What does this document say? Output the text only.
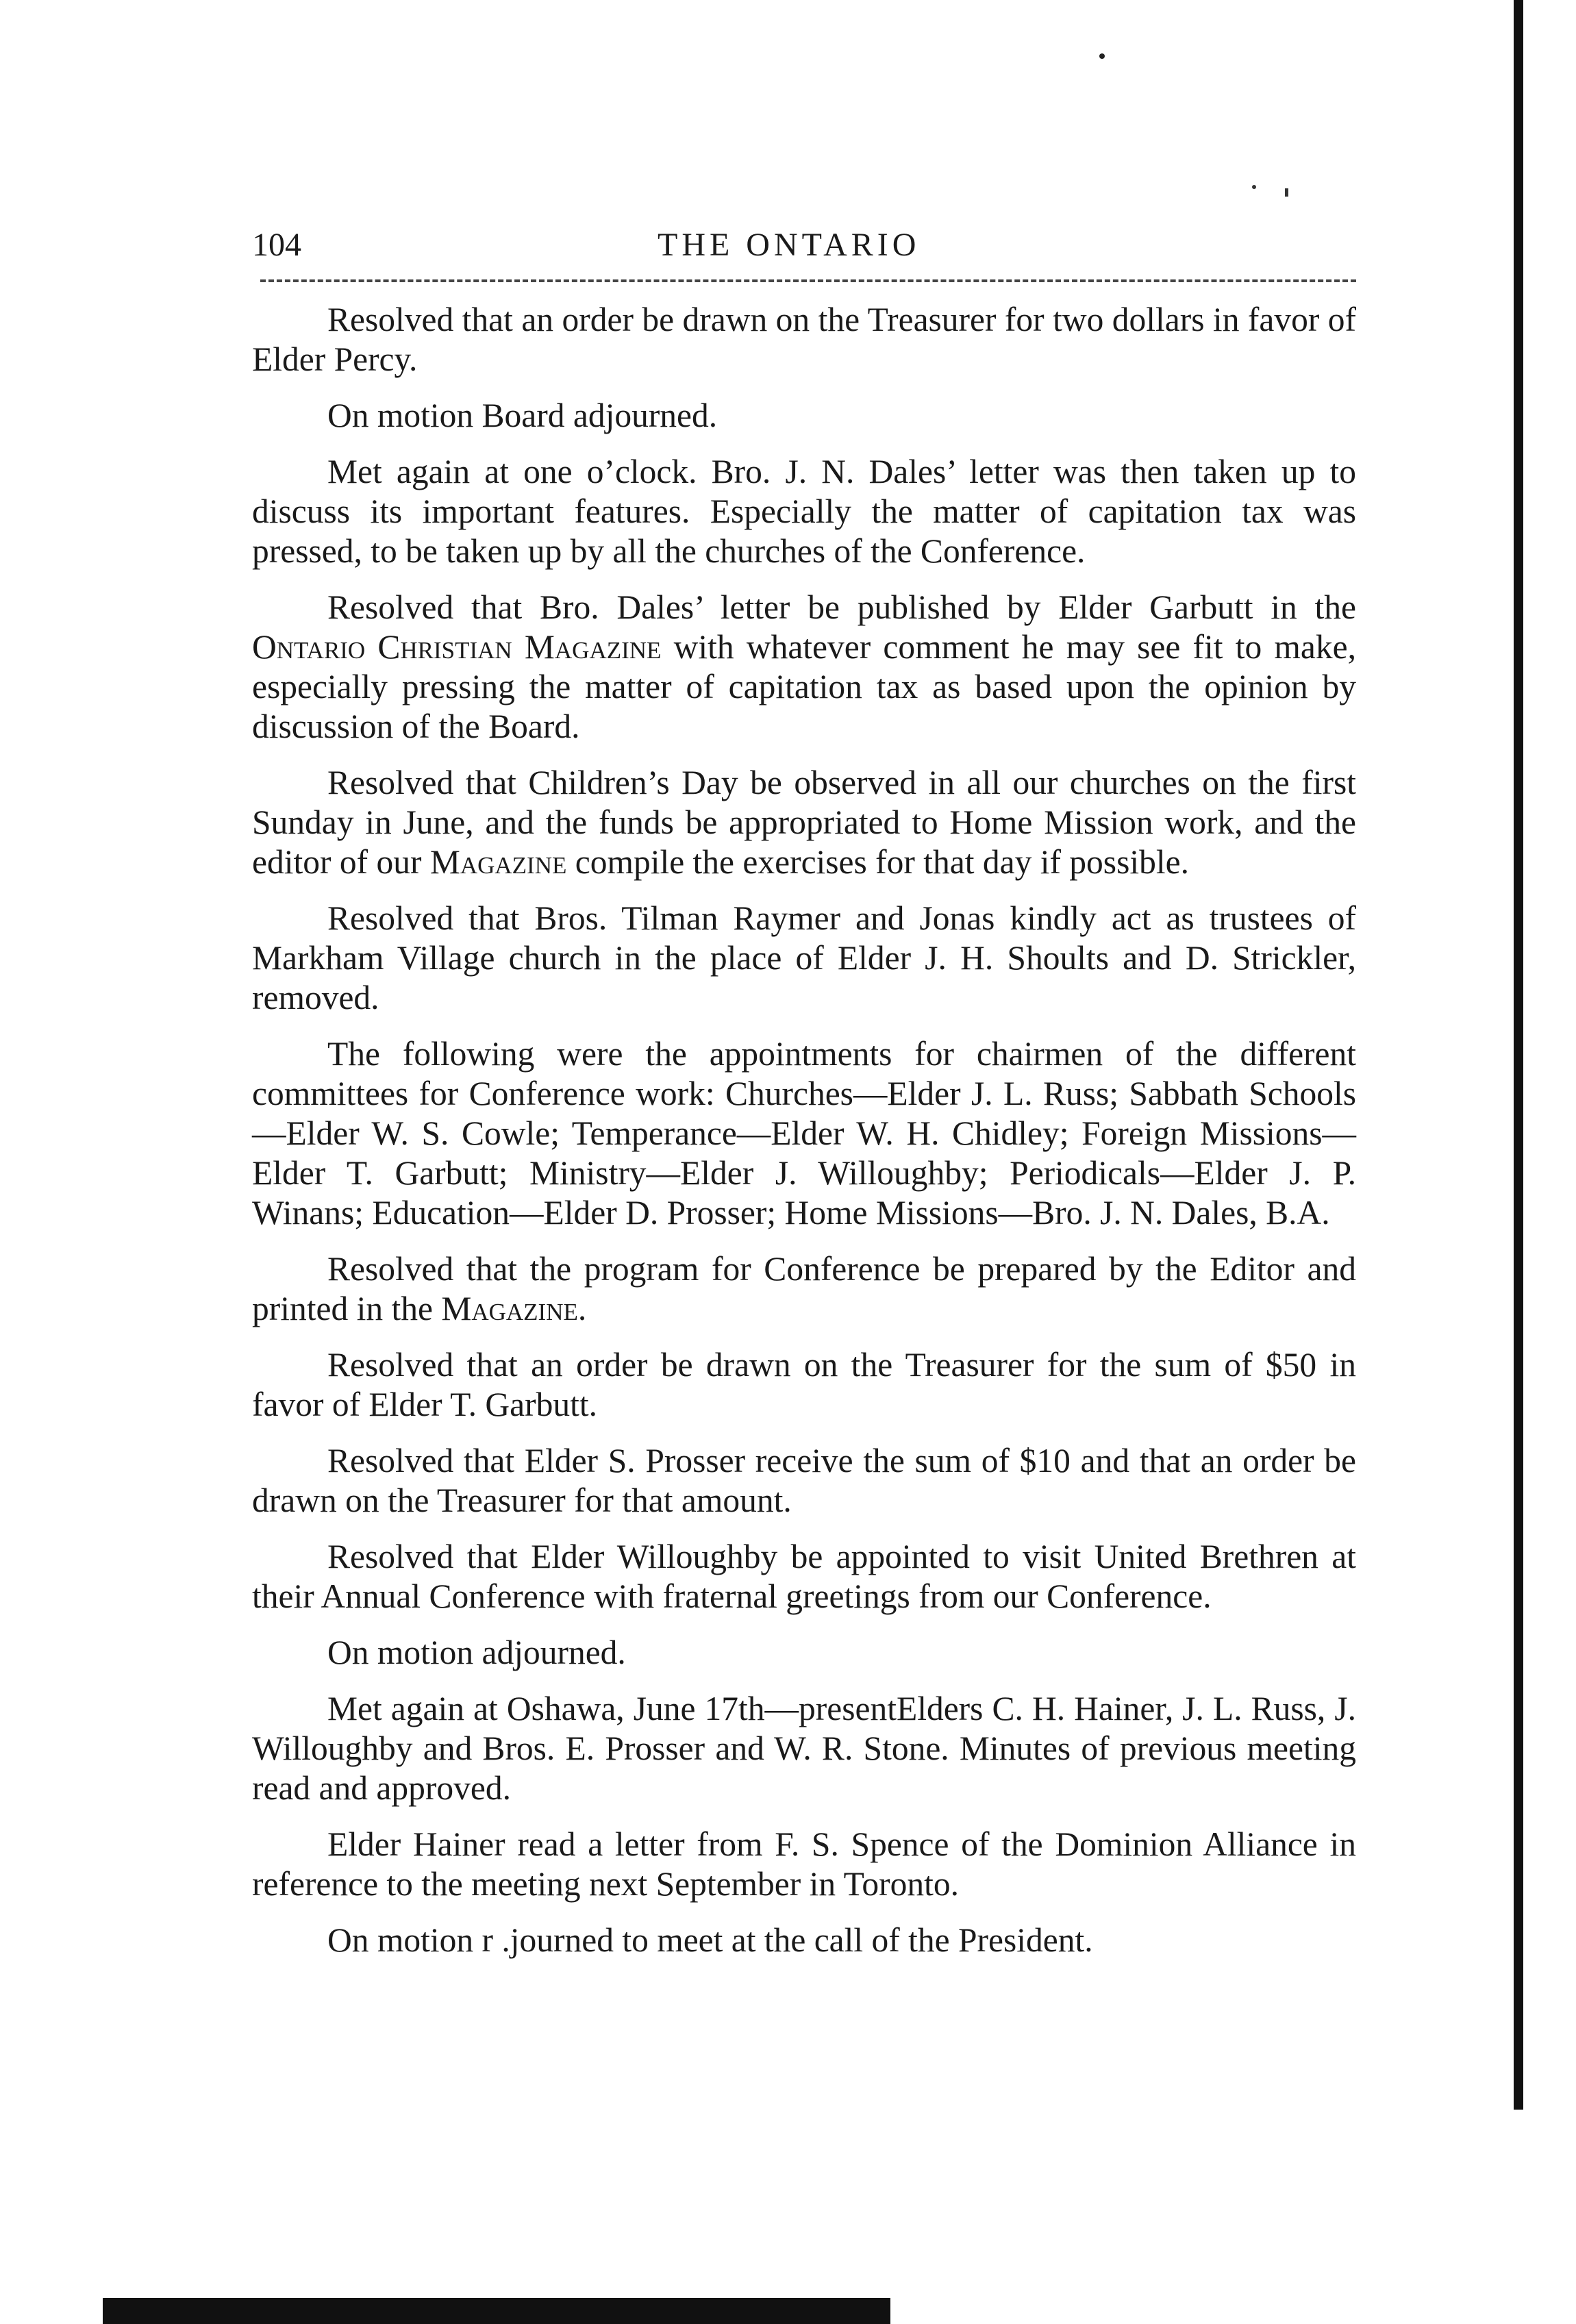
104	THE ONTARIO

Resolved that an order be drawn on the Treasurer for two dollars in favor of Elder Percy.

On motion Board adjourned.

Met again at one o’clock. Bro. J. N. Dales’ letter was then taken up to discuss its important features. Especially the matter of capitation tax was pressed, to be taken up by all the churches of the Conference.

Resolved that Bro. Dales’ letter be published by Elder Garbutt in the Ontario Christian Magazine with whatever comment he may see fit to make, especially pressing the matter of capitation tax as based upon the opinion by discussion of the Board.

Resolved that Children’s Day be observed in all our churches on the first Sunday in June, and the funds be appropriated to Home Mission work, and the editor of our Magazine compile the exercises for that day if possible.

Resolved that Bros. Tilman Raymer and Jonas kindly act as trustees of Markham Village church in the place of Elder J. H. Shoults and D. Strickler, removed.

The following were the appointments for chairmen of the different committees for Conference work: Churches—Elder J. L. Russ; Sabbath Schools—Elder W. S. Cowle; Temperance—Elder W. H. Chidley; Foreign Missions—Elder T. Garbutt; Ministry—Elder J. Willoughby; Periodicals—Elder J. P. Winans; Education—Elder D. Prosser; Home Missions—Bro. J. N. Dales, B.A.

Resolved that the program for Conference be prepared by the Editor and printed in the Magazine.

Resolved that an order be drawn on the Treasurer for the sum of $50 in favor of Elder T. Garbutt.

Resolved that Elder S. Prosser receive the sum of $10 and that an order be drawn on the Treasurer for that amount.

Resolved that Elder Willoughby be appointed to visit United Brethren at their Annual Conference with fraternal greetings from our Conference.

On motion adjourned.

Met again at Oshawa, June 17th—presentElders C. H. Hainer, J. L. Russ, J. Willoughby and Bros. E. Prosser and W. R. Stone. Minutes of previous meeting read and approved.

Elder Hainer read a letter from F. S. Spence of the Dominion Alliance in reference to the meeting next September in Toronto.

On motion r .journed to meet at the call of the President.
